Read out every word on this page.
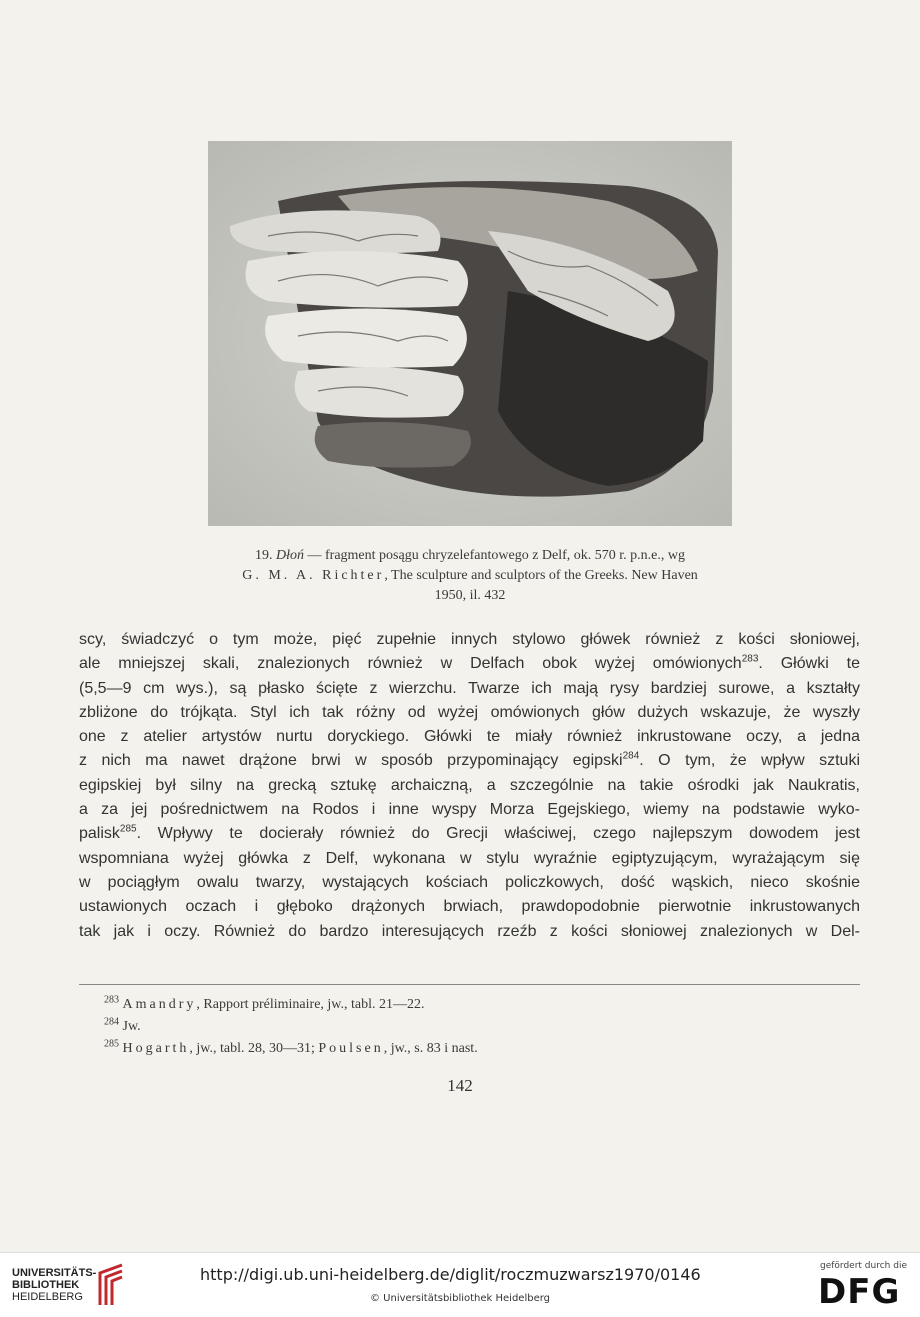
19. Dłoń — fragment posągu chryzelefantowego z Delf, ok. 570 r. p.n.e., wg
G. M. A. Richter, The sculpture and sculptors of the Greeks. New Haven
1950, il. 432
scy, świadczyć o tym może, pięć zupełnie innych stylowo główek również z kości słoniowej,
ale mniejszej skali, znalezionych również w Delfach obok wyżej omówionych$^{283}$. Główki te
(5,5—9 cm wys.), są płasko ścięte z wierzchu. Twarze ich mają rysy bardziej surowe, a kształty
zbliżone do trójkąta. Styl ich tak różny od wyżej omówionych głów dużych wskazuje, że wyszły
one z atelier artystów nurtu doryckiego. Główki te miały również inkrustowane oczy, a jedna
z nich ma nawet drążone brwi w sposób przypominający egipski$^{284}$. O tym, że wpływ sztuki
egipskiej był silny na grecką sztukę archaiczną, a szczególnie na takie ośrodki jak Naukratis,
a za jej pośrednictwem na Rodos i inne wyspy Morza Egejskiego, wiemy na podstawie wyko-
palisk$^{285}$. Wpływy te docierały również do Grecji właściwej, czego najlepszym dowodem jest
wspomniana wyżej główka z Delf, wykonana w stylu wyraźnie egiptyzującym, wyrażającym się
w pociągłym owalu twarzy, wystających kościach policzkowych, dość wąskich, nieco skośnie
ustawionych oczach i głęboko drążonych brwiach, prawdopodobnie pierwotnie inkrustowanych
tak jak i oczy. Również do bardzo interesujących rzeźb z kości słoniowej znalezionych w Del-
$^{283}$ Amandry, Rapport préliminaire, jw., tabl. 21—22.
$^{284}$ Jw.
$^{285}$ Hogarth, jw., tabl. 28, 30—31; Poulsen, jw., s. 83 i nast.
142
UNIVERSITÄTS-
BIBLIOTHEK
HEIDELBERG
http://digi.ub.uni-heidelberg.de/diglit/roczmuzwarsz1970/0146
© Universitätsbibliothek Heidelberg
gefördert durch die
DFG
